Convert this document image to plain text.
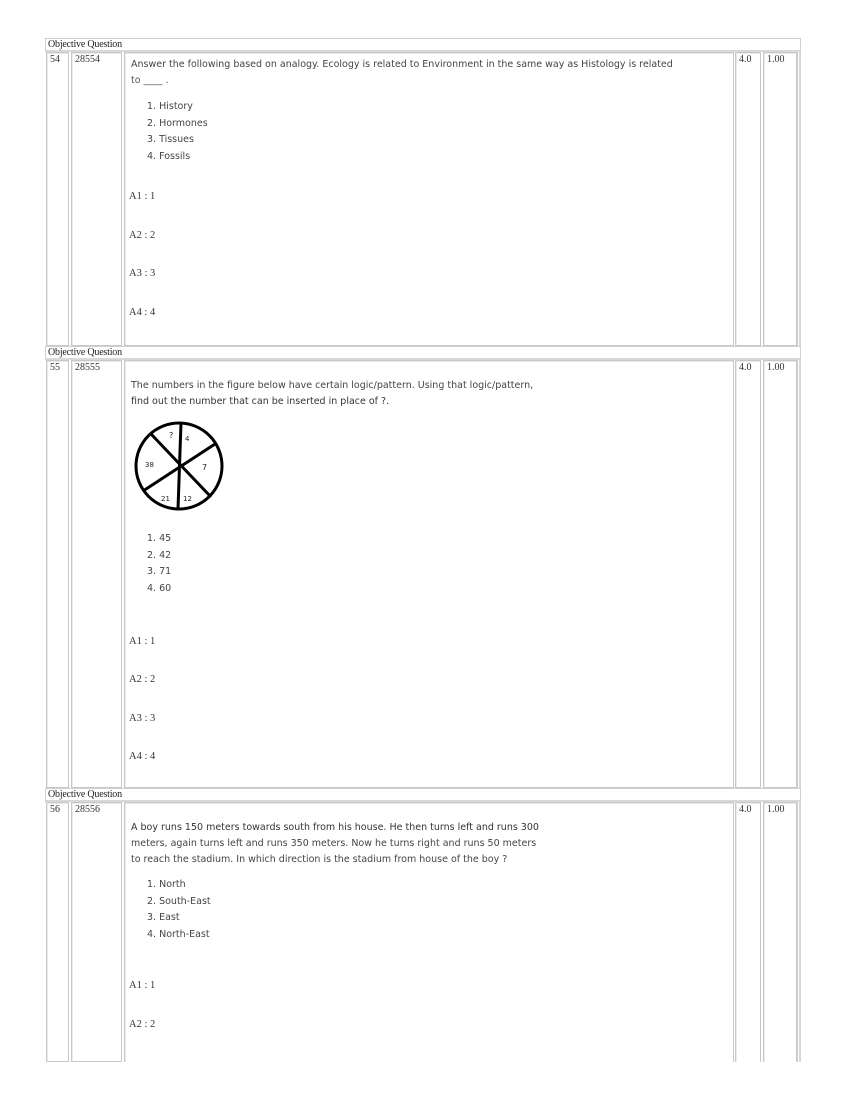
Objective Question
54	28554	Answer the following based on analogy. Ecology is related to Environment in the same way as Histology is related
to ____ .
1. History
2. Hormones
3. Tissues
4. Fossils
A1 : 1
A2 : 2
A3 : 3
A4 : 4
4.0	1.00
Objective Question
55	28555
The numbers in the figure below have certain logic/pattern. Using that logic/pattern,
find out the number that can be inserted in place of ?.
? 4
7
12
21
38
1. 45
2. 42
3. 71
4. 60
A1 : 1
A2 : 2
A3 : 3
A4 : 4
4.0	1.00
Objective Question
56	28556
A boy runs 150 meters towards south from his house. He then turns left and runs 300
meters, again turns left and runs 350 meters. Now he turns right and runs 50 meters
to reach the stadium. In which direction is the stadium from house of the boy ?
1. North
2. South-East
3. East
4. North-East
A1 : 1
A2 : 2
4.0	1.00
